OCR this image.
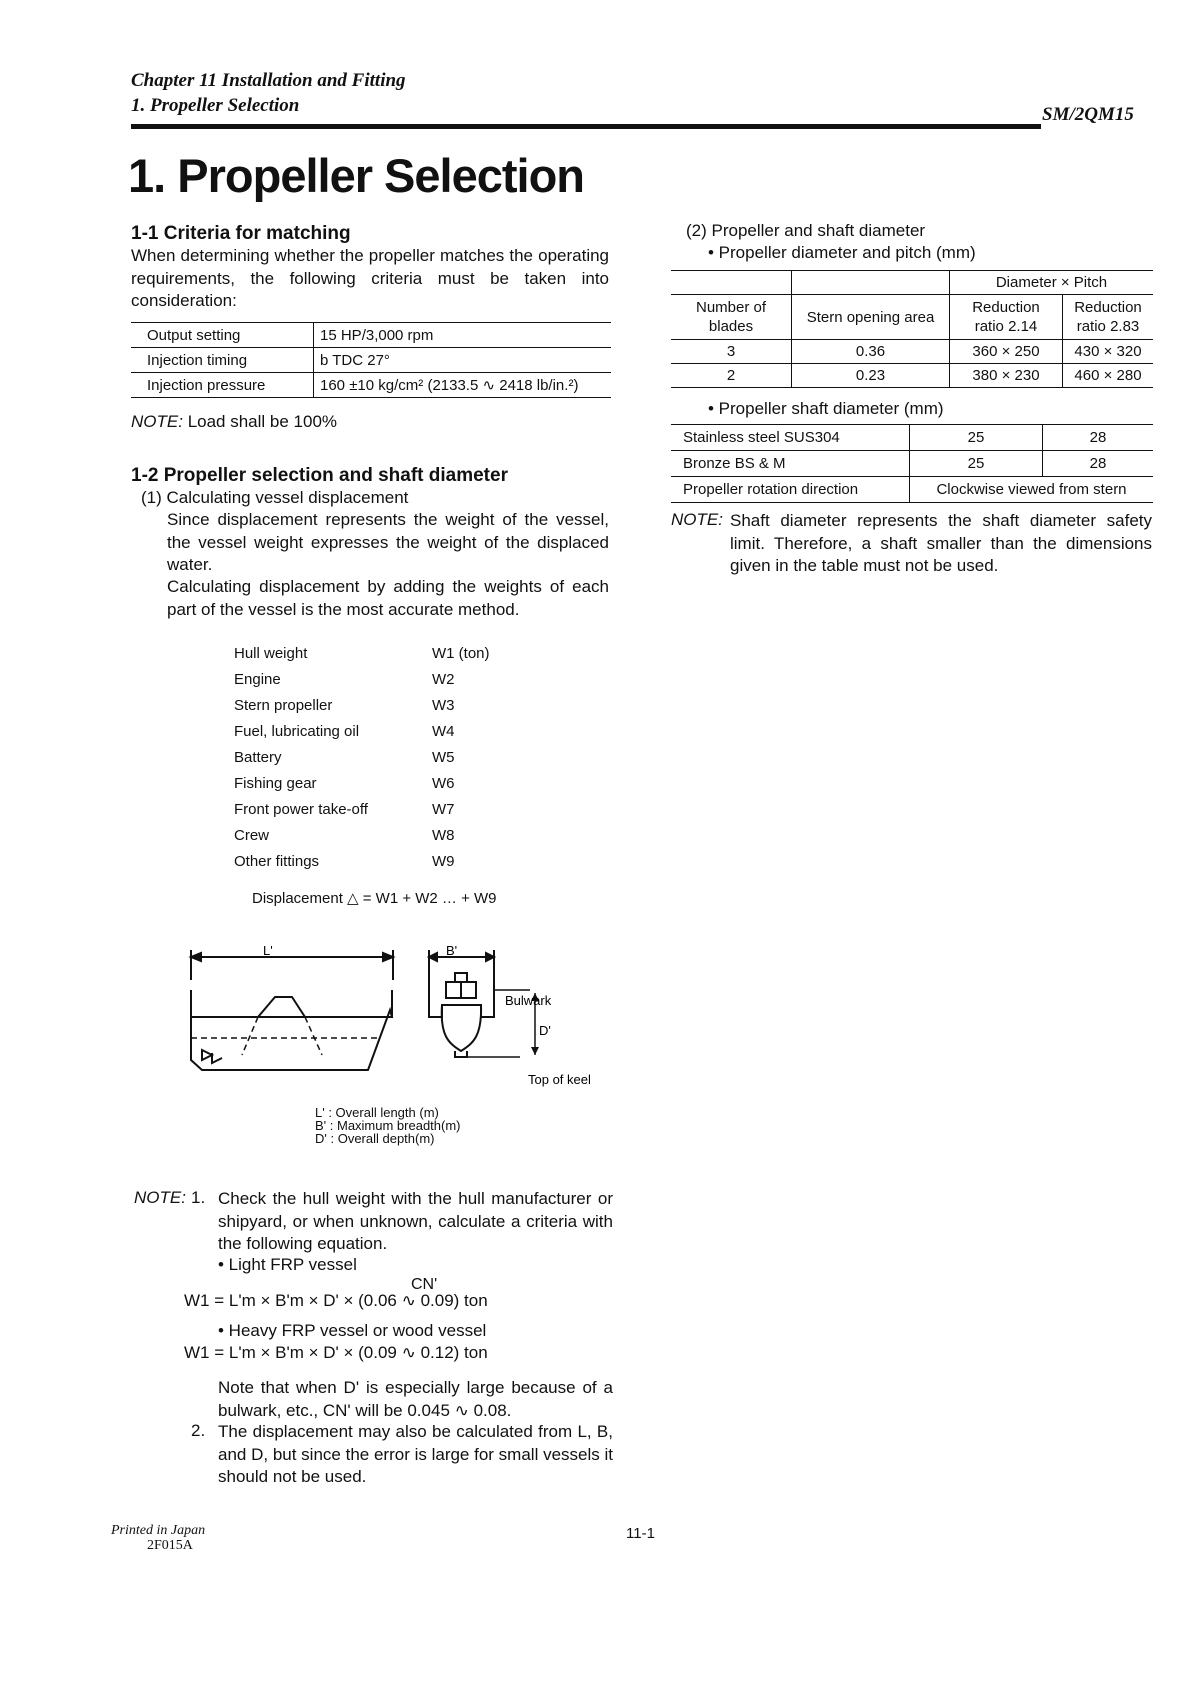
Chapter 11 Installation and Fitting
1. Propeller Selection	SM/2QM15
1. Propeller Selection
1-1 Criteria for matching
When determining whether the propeller matches the operating requirements, the following criteria must be taken into consideration:
Output setting	15 HP/3,000 rpm
Injection timing	b TDC 27°
Injection pressure	160 ±10 kg/cm² (2133.5 ∿ 2418 lb/in.²)
NOTE: Load shall be 100%
1-2 Propeller selection and shaft diameter
(1) Calculating vessel displacement
Since displacement represents the weight of the vessel, the vessel weight expresses the weight of the displaced water.
Calculating displacement by adding the weights of each part of the vessel is the most accurate method.
Hull weight	W1 (ton)
Engine	W2
Stern propeller	W3
Fuel, lubricating oil	W4
Battery	W5
Fishing gear	W6
Front power take-off	W7
Crew	W8
Other fittings	W9
Displacement △ = W1 + W2 … + W9
L'	B'
Bulwark
D'
Top of keel
L' : Overall length (m)
B' : Maximum breadth(m)
D' : Overall depth(m)
NOTE: 1. Check the hull weight with the hull manufacturer or shipyard, or when unknown, calculate a criteria with the following equation.
• Light FRP vessel
CN'
W1 = L'm × B'm × D' × (0.06 ∿ 0.09) ton
• Heavy FRP vessel or wood vessel
W1 = L'm × B'm × D' × (0.09 ∿ 0.12) ton
Note that when D' is especially large because of a bulwark, etc., CN' will be 0.045 ∿ 0.08.
2. The displacement may also be calculated from L, B, and D, but since the error is large for small vessels it should not be used.
(2) Propeller and shaft diameter
• Propeller diameter and pitch (mm)
		Diameter × Pitch	
Number of blades	Stern opening area	Reduction ratio 2.14	Reduction ratio 2.83
3	0.36	360 × 250	430 × 320
2	0.23	380 × 230	460 × 280
• Propeller shaft diameter (mm)
Stainless steel SUS304	25	28
Bronze BS & M	25	28
Propeller rotation direction	Clockwise viewed from stern	
NOTE: Shaft diameter represents the shaft diameter safety limit. Therefore, a shaft smaller than the dimensions given in the table must not be used.
Printed in Japan
2F015A
11-1
